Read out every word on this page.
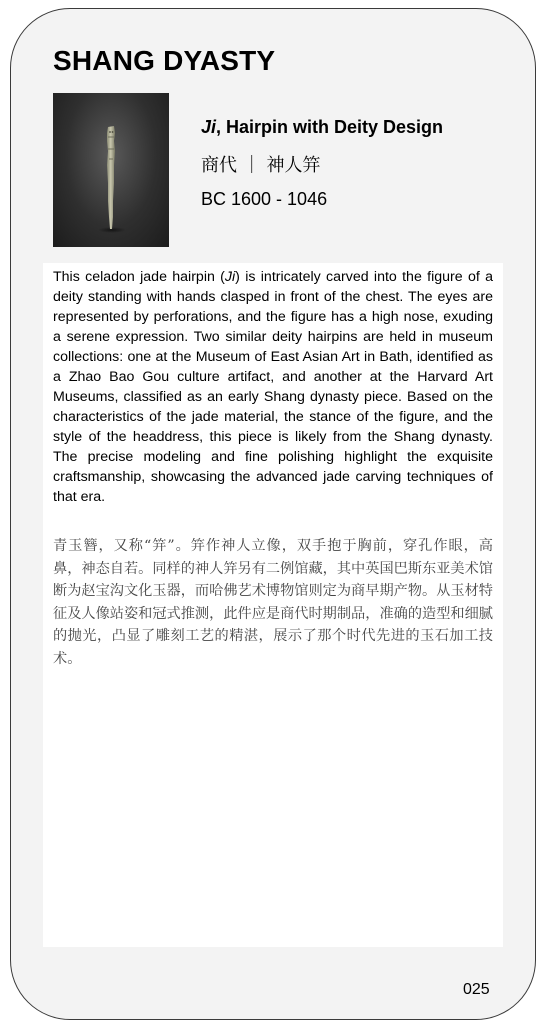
SHANG DYASTY
Ji, Hairpin with Deity Design
商代 ｜ 神人笄
BC 1600 - 1046

This celadon jade hairpin (Ji) is intricately carved into the figure of a deity standing with hands clasped in front of the chest. The eyes are represented by perforations, and the figure has a high nose, exuding a serene expression. Two similar deity hairpins are held in museum collections: one at the Museum of East Asian Art in Bath, identified as a Zhao Bao Gou culture artifact, and another at the Harvard Art Museums, classified as an early Shang dynasty piece. Based on the characteristics of the jade material, the stance of the figure, and the style of the headdress, this piece is likely from the Shang dynasty. The precise modeling and fine polishing highlight the exquisite craftsmanship, showcasing the advanced jade carving techniques of that era.

青玉簪，又称“笄”。笄作神人立像，双手抱于胸前，穿孔作眼，高鼻，神态自若。同样的神人笄另有二例馆藏，其中英国巴斯东亚美术馆断为赵宝沟文化玉器，而哈佛艺术博物馆则定为商早期产物。从玉材特征及人像站姿和冠式推测，此件应是商代时期制品，准确的造型和细腻的抛光，凸显了雕刻工艺的精湛，展示了那个时代先进的玉石加工技术。

025
